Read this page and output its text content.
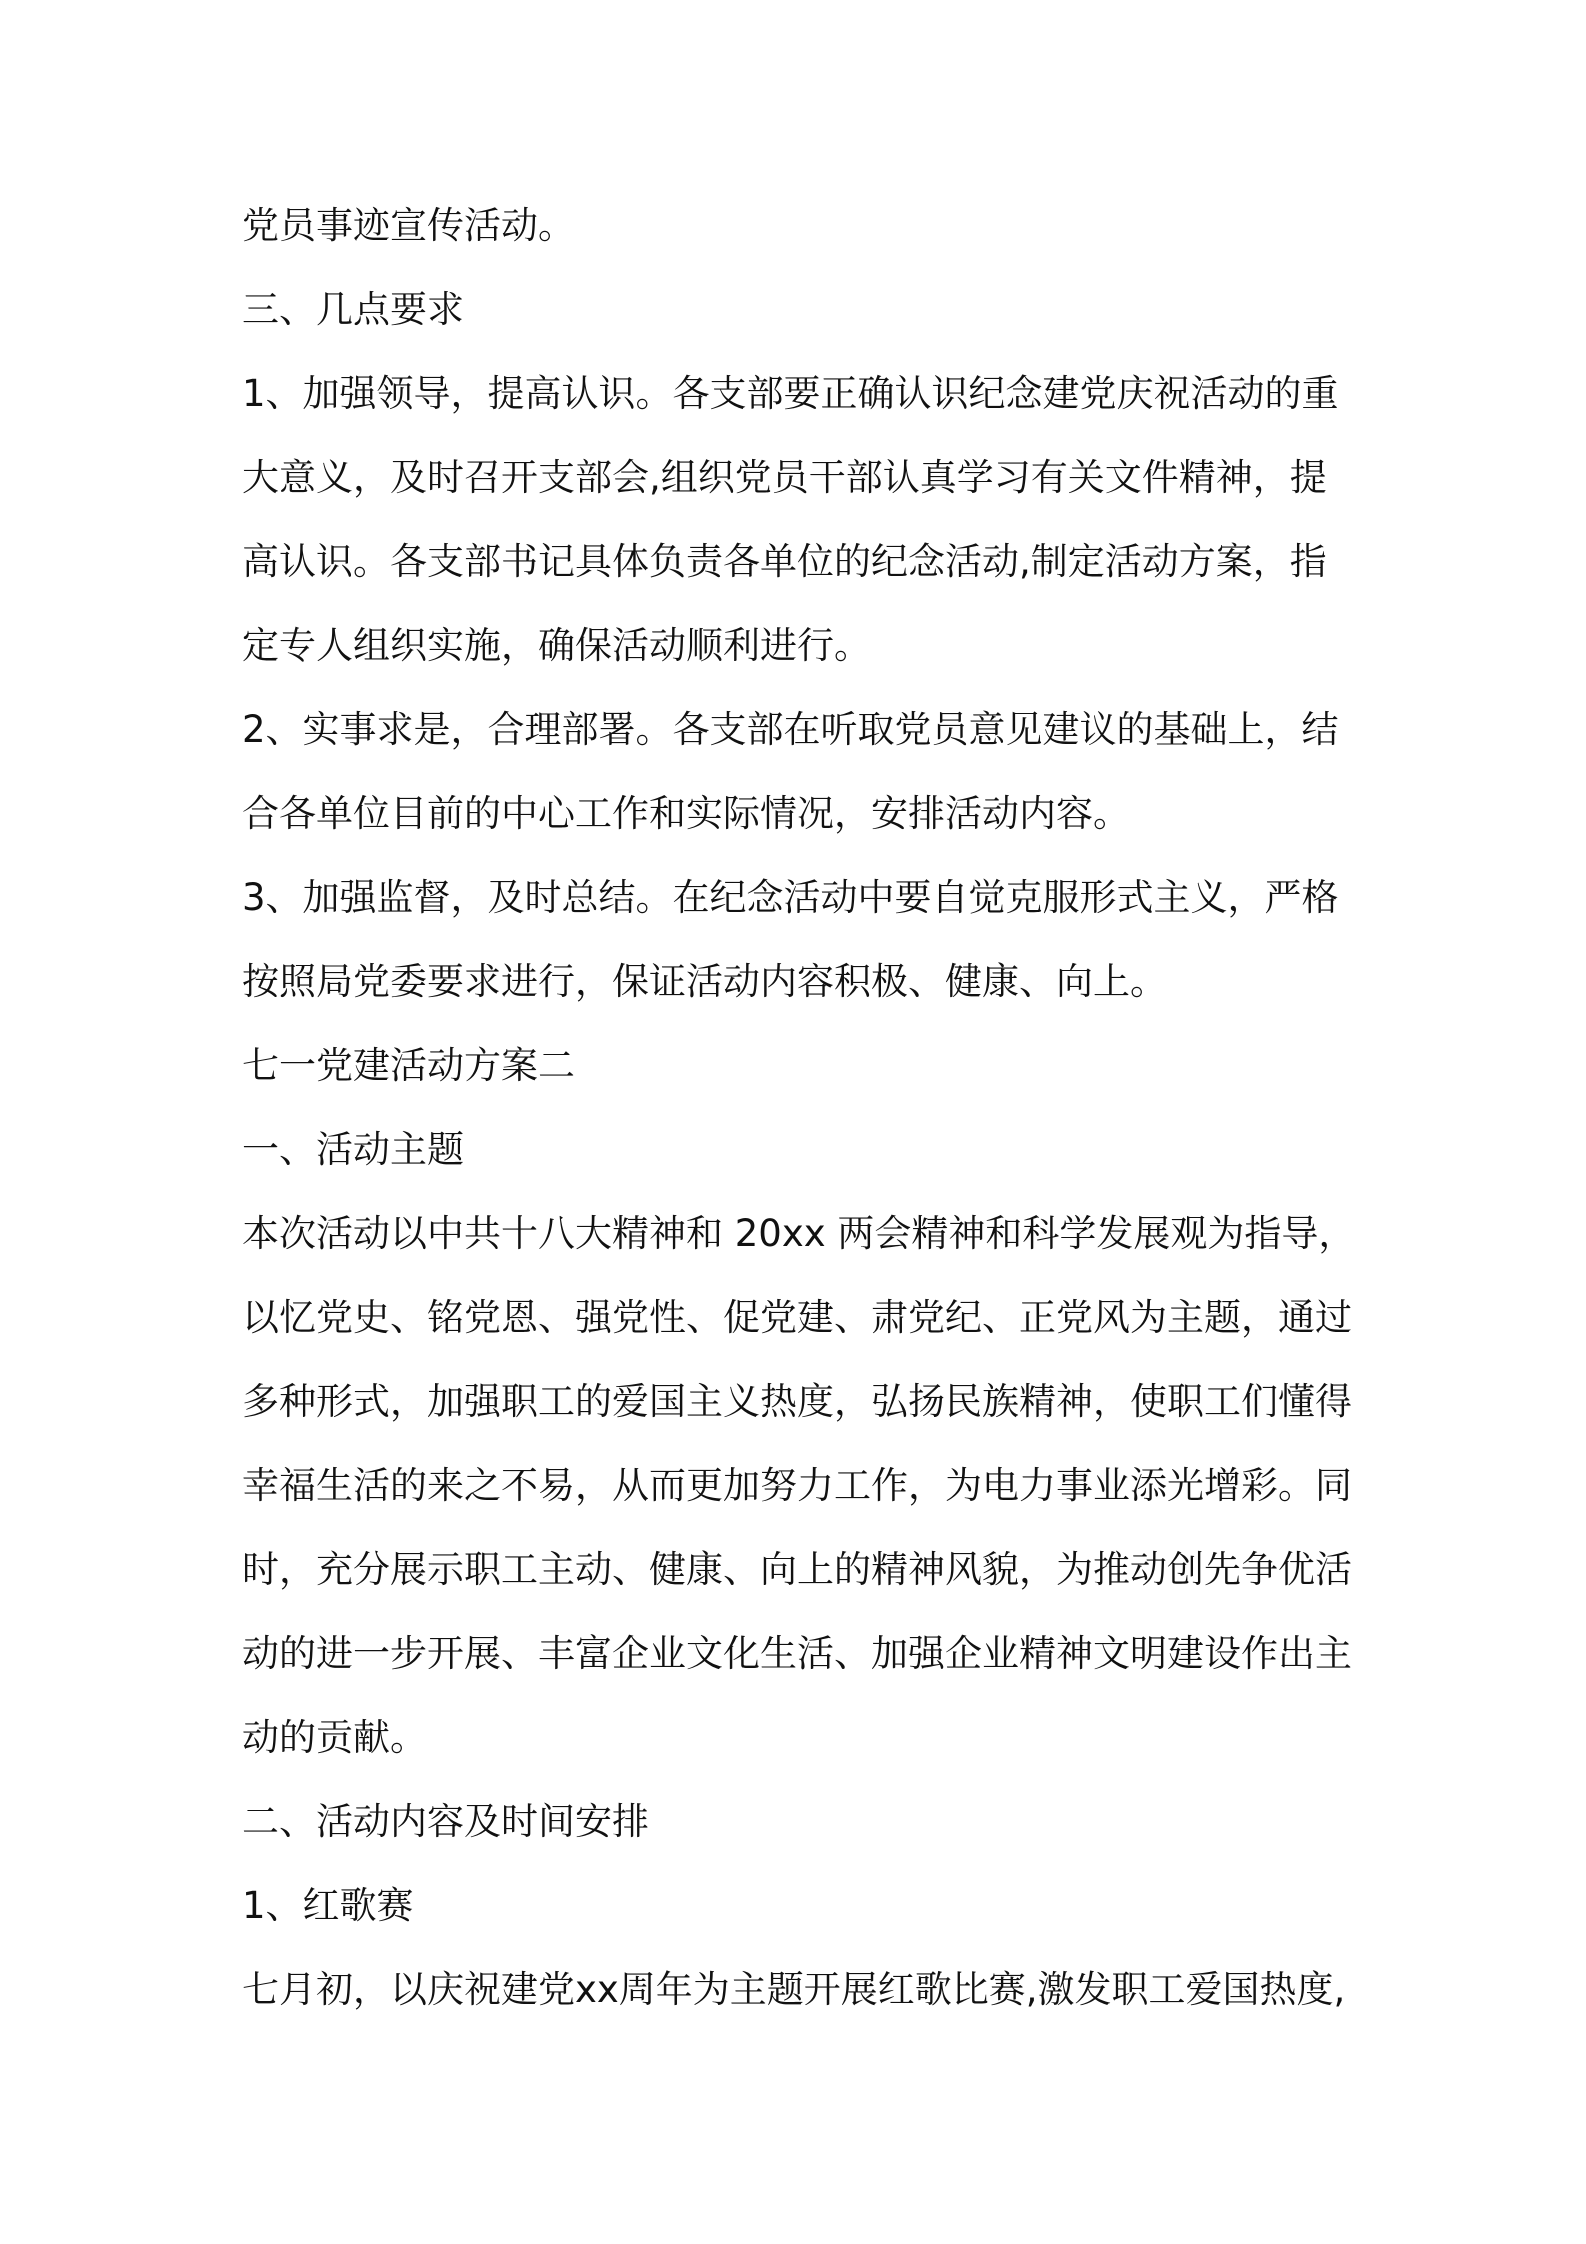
党员事迹宣传活动。
三、几点要求
1、加强领导，提高认识。各支部要正确认识纪念建党庆祝活动的重
大意义，及时召开支部会,组织党员干部认真学习有关文件精神，提
高认识。各支部书记具体负责各单位的纪念活动,制定活动方案，指
定专人组织实施，确保活动顺利进行。
2、实事求是，合理部署。各支部在听取党员意见建议的基础上，结
合各单位目前的中心工作和实际情况，安排活动内容。
3、加强监督，及时总结。在纪念活动中要自觉克服形式主义，严格
按照局党委要求进行，保证活动内容积极、健康、向上。
七一党建活动方案二
一、活动主题
本次活动以中共十八大精神和 20xx 两会精神和科学发展观为指导，
以忆党史、铭党恩、强党性、促党建、肃党纪、正党风为主题，通过
多种形式，加强职工的爱国主义热度，弘扬民族精神，使职工们懂得
幸福生活的来之不易，从而更加努力工作，为电力事业添光增彩。同
时，充分展示职工主动、健康、向上的精神风貌，为推动创先争优活
动的进一步开展、丰富企业文化生活、加强企业精神文明建设作出主
动的贡献。
二、活动内容及时间安排
1、红歌赛
七月初，以庆祝建党xx周年为主题开展红歌比赛,激发职工爱国热度,
